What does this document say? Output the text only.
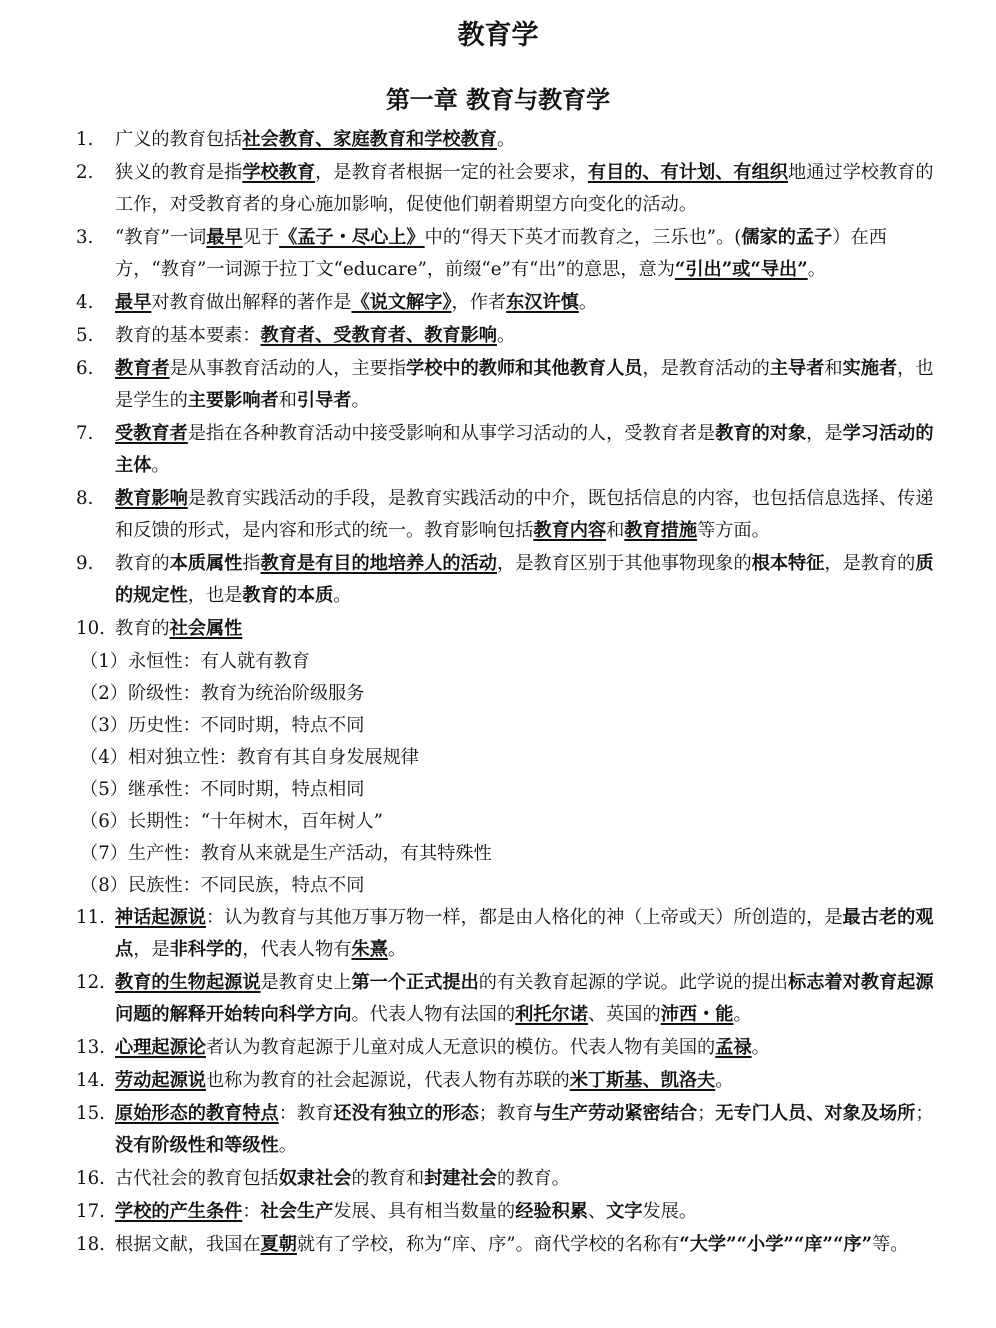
教育学
第一章 教育与教育学
1. 广义的教育包括社会教育、家庭教育和学校教育。
2. 狭义的教育是指学校教育，是教育者根据一定的社会要求，有目的、有计划、有组织地通过学校教育的工作，对受教育者的身心施加影响，促使他们朝着期望方向变化的活动。
3. “教育”一词最早见于《孟子・尽心上》中的“得天下英才而教育之，三乐也”。(儒家的孟子）在西方，“教育”一词源于拉丁文“educare”，前缀“e”有“出”的意思，意为“引出”或“导出”。
4. 最早对教育做出解释的著作是《说文解字》，作者东汉许慎。
5. 教育的基本要素：教育者、受教育者、教育影响。
6. 教育者是从事教育活动的人，主要指学校中的教师和其他教育人员，是教育活动的主导者和实施者，也是学生的主要影响者和引导者。
7. 受教育者是指在各种教育活动中接受影响和从事学习活动的人，受教育者是教育的对象，是学习活动的主体。
8. 教育影响是教育实践活动的手段，是教育实践活动的中介，既包括信息的内容，也包括信息选择、传递和反馈的形式，是内容和形式的统一。教育影响包括教育内容和教育措施等方面。
9. 教育的本质属性指教育是有目的地培养人的活动，是教育区别于其他事物现象的根本特征，是教育的质的规定性，也是教育的本质。
10. 教育的社会属性
（1）永恒性：有人就有教育
（2）阶级性：教育为统治阶级服务
（3）历史性：不同时期，特点不同
（4）相对独立性：教育有其自身发展规律
（5）继承性：不同时期，特点相同
（6）长期性：“十年树木，百年树人”
（7）生产性：教育从来就是生产活动，有其特殊性
（8）民族性：不同民族，特点不同
11. 神话起源说：认为教育与其他万事万物一样，都是由人格化的神（上帝或天）所创造的，是最古老的观点，是非科学的，代表人物有朱熹。
12. 教育的生物起源说是教育史上第一个正式提出的有关教育起源的学说。此学说的提出标志着对教育起源问题的解释开始转向科学方向。代表人物有法国的利托尔诺、英国的沛西・能。
13. 心理起源论者认为教育起源于儿童对成人无意识的模仿。代表人物有美国的孟禄。
14. 劳动起源说也称为教育的社会起源说，代表人物有苏联的米丁斯基、凯洛夫。
15. 原始形态的教育特点：教育还没有独立的形态；教育与生产劳动紧密结合；无专门人员、对象及场所；没有阶级性和等级性。
16. 古代社会的教育包括奴隶社会的教育和封建社会的教育。
17. 学校的产生条件：社会生产发展、具有相当数量的经验积累、文字发展。
18. 根据文献，我国在夏朝就有了学校，称为“庠、序”。商代学校的名称有“大学”“小学”“庠”“序”等。
